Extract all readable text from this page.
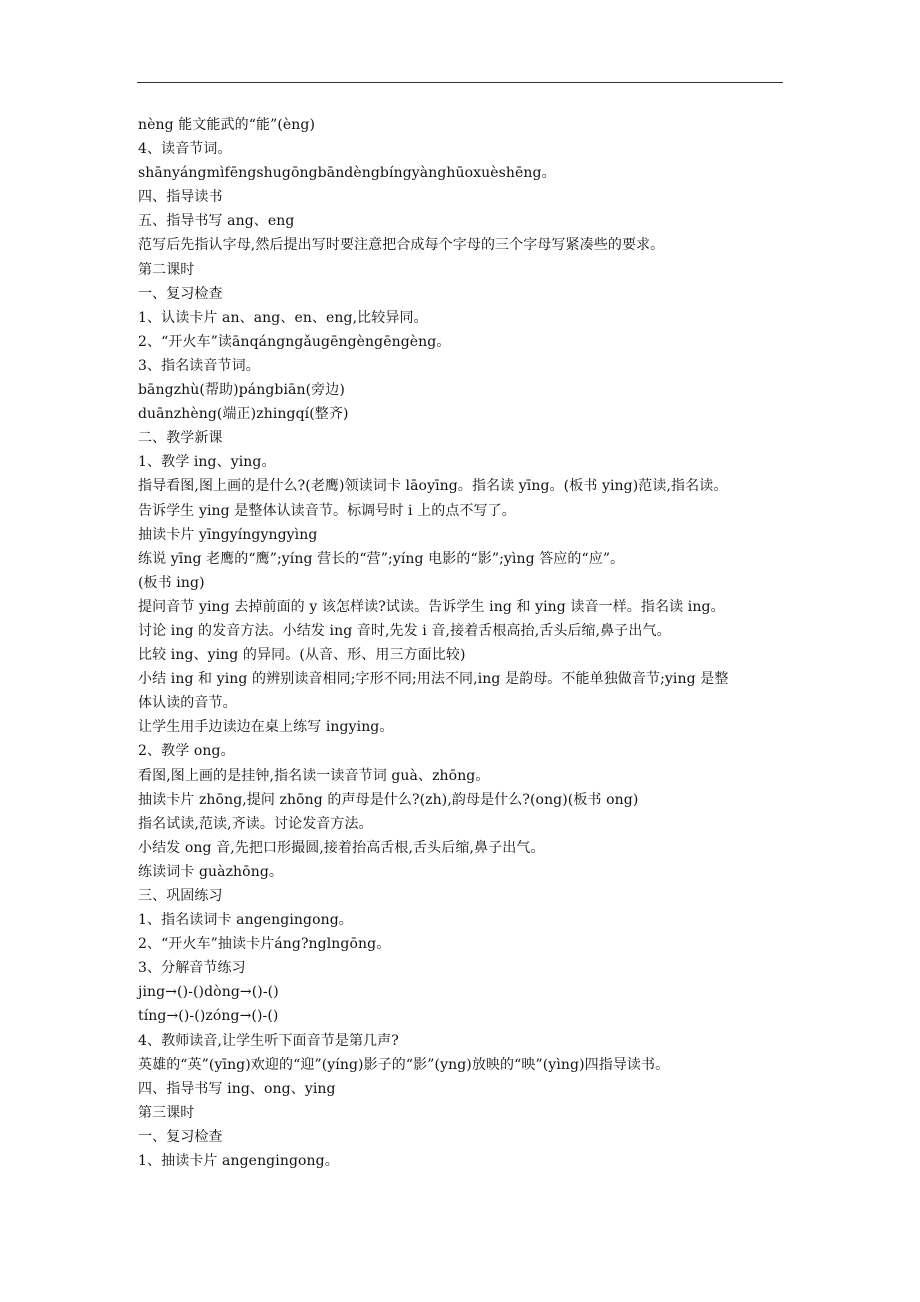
nèng 能文能武的“能”(èng)

4、读音节词。

shānyángmìfēngshugōngbāndèngbíngyànghūoxuèshēng。

四、指导读书

五、指导书写 ang、eng

范写后先指认字母,然后提出写时要注意把合成每个字母的三个字母写紧凑些的要求。

第二课时

一、复习检查

1、认读卡片 an、ang、en、eng,比较异同。

2、“开火车”读ānqángngǎugēngèngēngèng。

3、指名读音节词。

bāngzhù(帮助)pángbiān(旁边)

duānzhèng(端正)zhingqí(整齐)

二、教学新课

1、教学 ing、ying。

指导看图,图上画的是什么?(老鹰)领读词卡 lāoyīng。指名读 yīng。(板书 ying)范读,指名读。

告诉学生 ying 是整体认读音节。标调号时 i 上的点不写了。

抽读卡片 yīngyíngyngyìng

练说 yīng 老鹰的“鹰”;yíng 营长的“营”;yíng 电影的“影”;yìng 答应的“应”。

(板书 ing)

提问音节 ying 去掉前面的 y 该怎样读?试读。告诉学生 ing 和 ying 读音一样。指名读 ing。

讨论 ing 的发音方法。小结发 ing 音时,先发 i 音,接着舌根高抬,舌头后缩,鼻子出气。

比较 ing、ying 的异同。(从音、形、用三方面比较)

小结 ing 和 ying 的辨别读音相同;字形不同;用法不同,ing 是韵母。不能单独做音节;ying 是整

体认读的音节。

让学生用手边读边在桌上练写 ingying。

2、教学 ong。

看图,图上画的是挂钟,指名读一读音节词 guà、zhōng。

抽读卡片 zhōng,提问 zhōng 的声母是什么?(zh),韵母是什么?(ong)(板书 ong)

指名试读,范读,齐读。讨论发音方法。

小结发 ong 音,先把口形撮圆,接着抬高舌根,舌头后缩,鼻子出气。

练读词卡 guàzhōng。

三、巩固练习

1、指名读词卡 angengingong。

2、“开火车”抽读卡片áng?nglngōng。

3、分解音节练习

jing→()-()dòng→()-()

tíng→()-()zóng→()-()

4、教师读音,让学生听下面音节是第几声?

英雄的“英”(yīng)欢迎的“迎”(yíng)影子的“影”(yng)放映的“映”(yìng)四指导读书。

四、指导书写 ing、ong、ying

第三课时

一、复习检查

1、抽读卡片 angengingong。
